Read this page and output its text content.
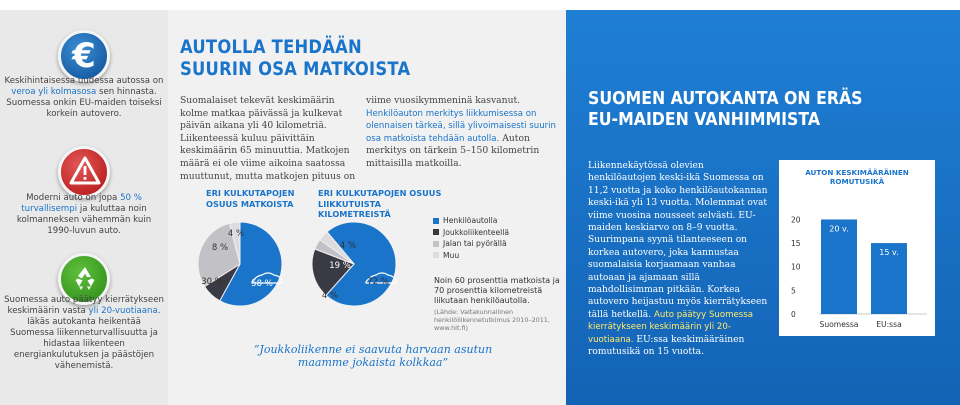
€
Keskihintaisessa uudessa autossa on veroa yli kolmasosa sen hinnasta. Suomessa onkin EU-maiden toiseksi korkein autovero.
Moderni auto on jopa 50 % turvallisempi ja kuluttaa noin kolmanneksen vähemmän kuin 1990-luvun auto.
Suomessa auto päätyy kierrätykseen keskimäärin vasta yli 20-vuotiaana. Iäkäs autokanta heikentää Suomessa liikenneturvallisuutta ja hidastaa liikenteen energiankulutuksen ja päästöjen vähenemistä.
AUTOLLA TEHDÄÄN
SUURIN OSA MATKOISTA
Suomalaiset tekevät keskimäärin kolme matkaa päivässä ja kulkevat päivän aikana yli 40 kilometriä. Liikenteessä kuluu päivittäin keskimäärin 65 minuuttia. Matkojen määrä ei ole viime aikoina saatossa muuttunut, mutta matkojen pituus on
viime vuosikymmeninä kasvanut. Henkilöauton merkitys liikkumisessa on olennaisen tärkeä, sillä ylivoimaisesti suurin osa matkoista tehdään autolla. Auton merkitys on tärkein 5–150 kilometrin mittaisilla matkoilla.
ERI KULKUTAPOJEN OSUUS MATKOISTA
ERI KULKUTAPOJEN OSUUS LIIKKUTUISTA KILOMETREISTÄ
58 %
8 %
30 %
4 %
72 %
19 %
4 %
4 %
Henkilöautolla
Joukkoliikenteellä
Jalan tai pyörällä
Muu
Noin 60 prosenttia matkoista ja 70 prosenttia kilometreistä liikutaan henkilöautolla.
(Lähde: Valtakunnallinen henkilöliikennetutkimus 2010–2011, www.hlt.fi)
”Joukkoliikenne ei saavuta harvaan asutun maamme jokaista kolkkaa”
SUOMEN AUTOKANTA ON ERÄS
EU-MAIDEN VANHIMMISTA
Liikennekäytössä olevien henkilöautojen keski-ikä Suomessa on 11,2 vuotta ja koko henkilöautokannan keski-ikä yli 13 vuotta. Molemmat ovat viime vuosina nousseet selvästi. EU-maiden keskiarvo on 8–9 vuotta. Suurimpana syynä tilanteeseen on korkea autovero, joka kannustaa suomalaisia korjaamaan vanhaa autoaan ja ajamaan sillä mahdollisimman pitkään. Korkea autovero heijastuu myös kierrätykseen tällä hetkellä. Auto päätyy Suomessa kierrätykseen keskimäärin yli 20-vuotiaana. EU:ssa keskimääräinen romutusikä on 15 vuotta.
AUTON KESKIMÄÄRÄINEN ROMUTUSIKÄ
0
5
10
15
20
20 v.
Suomessa
15 v.
EU:ssa
